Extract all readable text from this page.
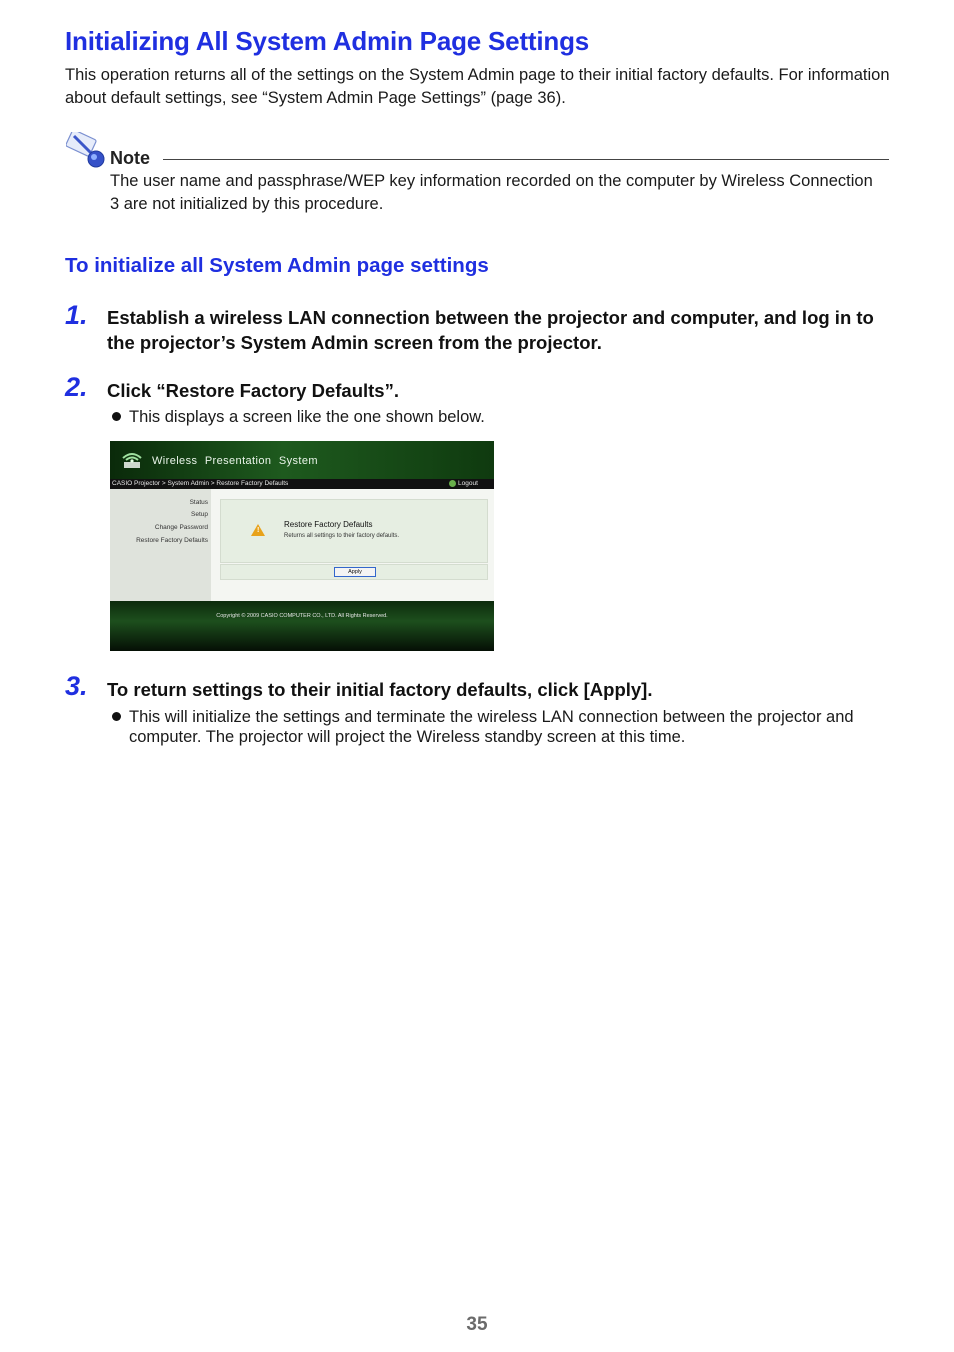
Initializing All System Admin Page Settings
This operation returns all of the settings on the System Admin page to their initial factory defaults. For information about default settings, see “System Admin Page Settings” (page 36).
Note
The user name and passphrase/WEP key information recorded on the computer by Wireless Connection 3 are not initialized by this procedure.
To initialize all System Admin page settings
1. Establish a wireless LAN connection between the projector and computer, and log in to the projector’s System Admin screen from the projector.
2. Click “Restore Factory Defaults”.
This displays a screen like the one shown below.
Wireless Presentation System
CASIO Projector > System Admin > Restore Factory Defaults	Logout
Status
Setup
Change Password
Restore Factory Defaults
!
Restore Factory Defaults
Returns all settings to their factory defaults.
Apply
Copyright © 2009 CASIO COMPUTER CO., LTD. All Rights Reserved.
3. To return settings to their initial factory defaults, click [Apply].
This will initialize the settings and terminate the wireless LAN connection between the projector and computer. The projector will project the Wireless standby screen at this time.
35
